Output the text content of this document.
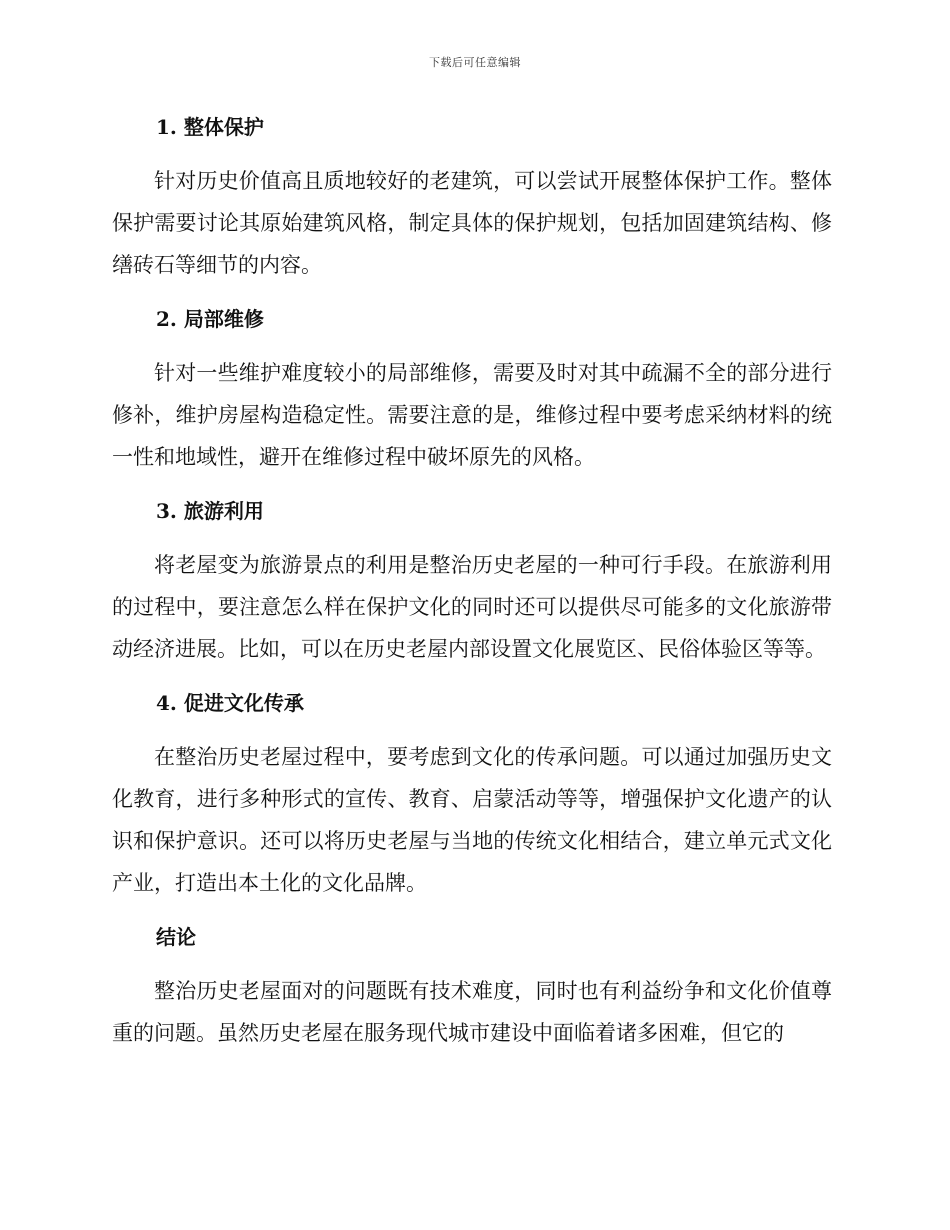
下载后可任意编辑
1. 整体保护

针对历史价值高且质地较好的老建筑，可以尝试开展整体保护工作。整体保护需要讨论其原始建筑风格，制定具体的保护规划，包括加固建筑结构、修缮砖石等细节的内容。

2. 局部维修

针对一些维护难度较小的局部维修，需要及时对其中疏漏不全的部分进行修补，维护房屋构造稳定性。需要注意的是，维修过程中要考虑采纳材料的统一性和地域性，避开在维修过程中破坏原先的风格。

3. 旅游利用

将老屋变为旅游景点的利用是整治历史老屋的一种可行手段。在旅游利用的过程中，要注意怎么样在保护文化的同时还可以提供尽可能多的文化旅游带动经济进展。比如，可以在历史老屋内部设置文化展览区、民俗体验区等等。

4. 促进文化传承

在整治历史老屋过程中，要考虑到文化的传承问题。可以通过加强历史文化教育，进行多种形式的宣传、教育、启蒙活动等等，增强保护文化遗产的认识和保护意识。还可以将历史老屋与当地的传统文化相结合，建立单元式文化产业，打造出本土化的文化品牌。

结论

整治历史老屋面对的问题既有技术难度，同时也有利益纷争和文化价值尊重的问题。虽然历史老屋在服务现代城市建设中面临着诸多困难，但它的
